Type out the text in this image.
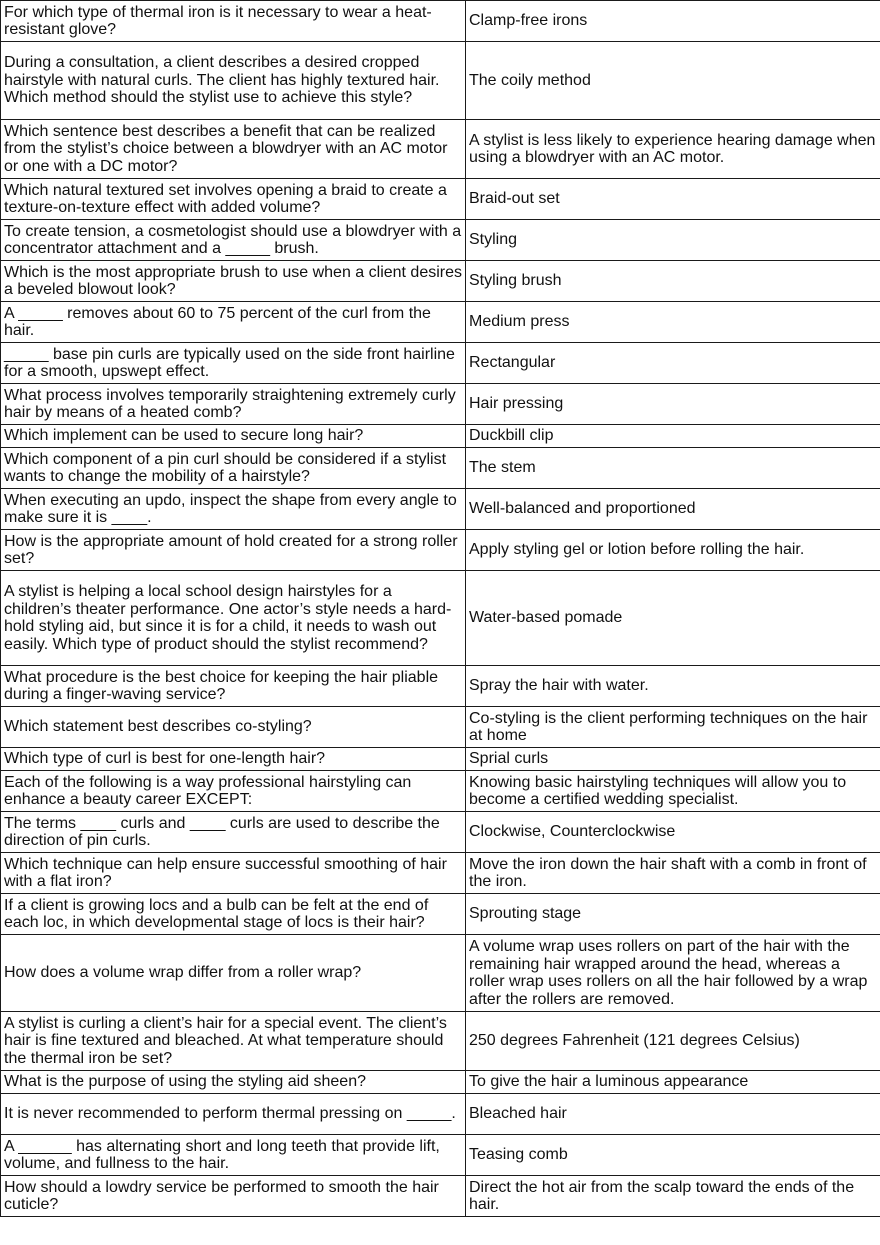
For which type of thermal iron is it necessary to wear a heat-resistant glove?	Clamp-free irons
During a consultation, a client describes a desired cropped hairstyle with natural curls. The client has highly textured hair. Which method should the stylist use to achieve this style?	The coily method
Which sentence best describes a benefit that can be realized from the stylist’s choice between a blowdryer with an AC motor or one with a DC motor?	A stylist is less likely to experience hearing damage when using a blowdryer with an AC motor.
Which natural textured set involves opening a braid to create a texture-on-texture effect with added volume?	Braid-out set
To create tension, a cosmetologist should use a blowdryer with a concentrator attachment and a _____ brush.	Styling
Which is the most appropriate brush to use when a client desires a beveled blowout look?	Styling brush
A _____ removes about 60 to 75 percent of the curl from the hair.	Medium press
_____ base pin curls are typically used on the side front hairline for a smooth, upswept effect.	Rectangular
What process involves temporarily straightening extremely curly hair by means of a heated comb?	Hair pressing
Which implement can be used to secure long hair?	Duckbill clip
Which component of a pin curl should be considered if a stylist wants to change the mobility of a hairstyle?	The stem
When executing an updo, inspect the shape from every angle to make sure it is ____.	Well-balanced and proportioned
How is the appropriate amount of hold created for a strong roller set?	Apply styling gel or lotion before rolling the hair.
A stylist is helping a local school design hairstyles for a children’s theater performance. One actor’s style needs a hard-hold styling aid, but since it is for a child, it needs to wash out easily. Which type of product should the stylist recommend?	Water-based pomade
What procedure is the best choice for keeping the hair pliable during a finger-waving service?	Spray the hair with water.
Which statement best describes co-styling?	Co-styling is the client performing techniques on the hair at home
Which type of curl is best for one-length hair?	Sprial curls
Each of the following is a way professional hairstyling can enhance a beauty career EXCEPT:	Knowing basic hairstyling techniques will allow you to become a certified wedding specialist.
The terms ____ curls and ____ curls are used to describe the direction of pin curls.	Clockwise, Counterclockwise
Which technique can help ensure successful smoothing of hair with a flat iron?	Move the iron down the hair shaft with a comb in front of the iron.
If a client is growing locs and a bulb can be felt at the end of each loc, in which developmental stage of locs is their hair?	Sprouting stage
How does a volume wrap differ from a roller wrap?	A volume wrap uses rollers on part of the hair with the remaining hair wrapped around the head, whereas a roller wrap uses rollers on all the hair followed by a wrap after the rollers are removed.
A stylist is curling a client’s hair for a special event. The client’s hair is fine textured and bleached. At what temperature should the thermal iron be set?	250 degrees Fahrenheit (121 degrees Celsius)
What is the purpose of using the styling aid sheen?	To give the hair a luminous appearance
It is never recommended to perform thermal pressing on _____.	Bleached hair
A ______ has alternating short and long teeth that provide lift, volume, and fullness to the hair.	Teasing comb
How should a lowdry service be performed to smooth the hair cuticle?	Direct the hot air from the scalp toward the ends of the hair.
